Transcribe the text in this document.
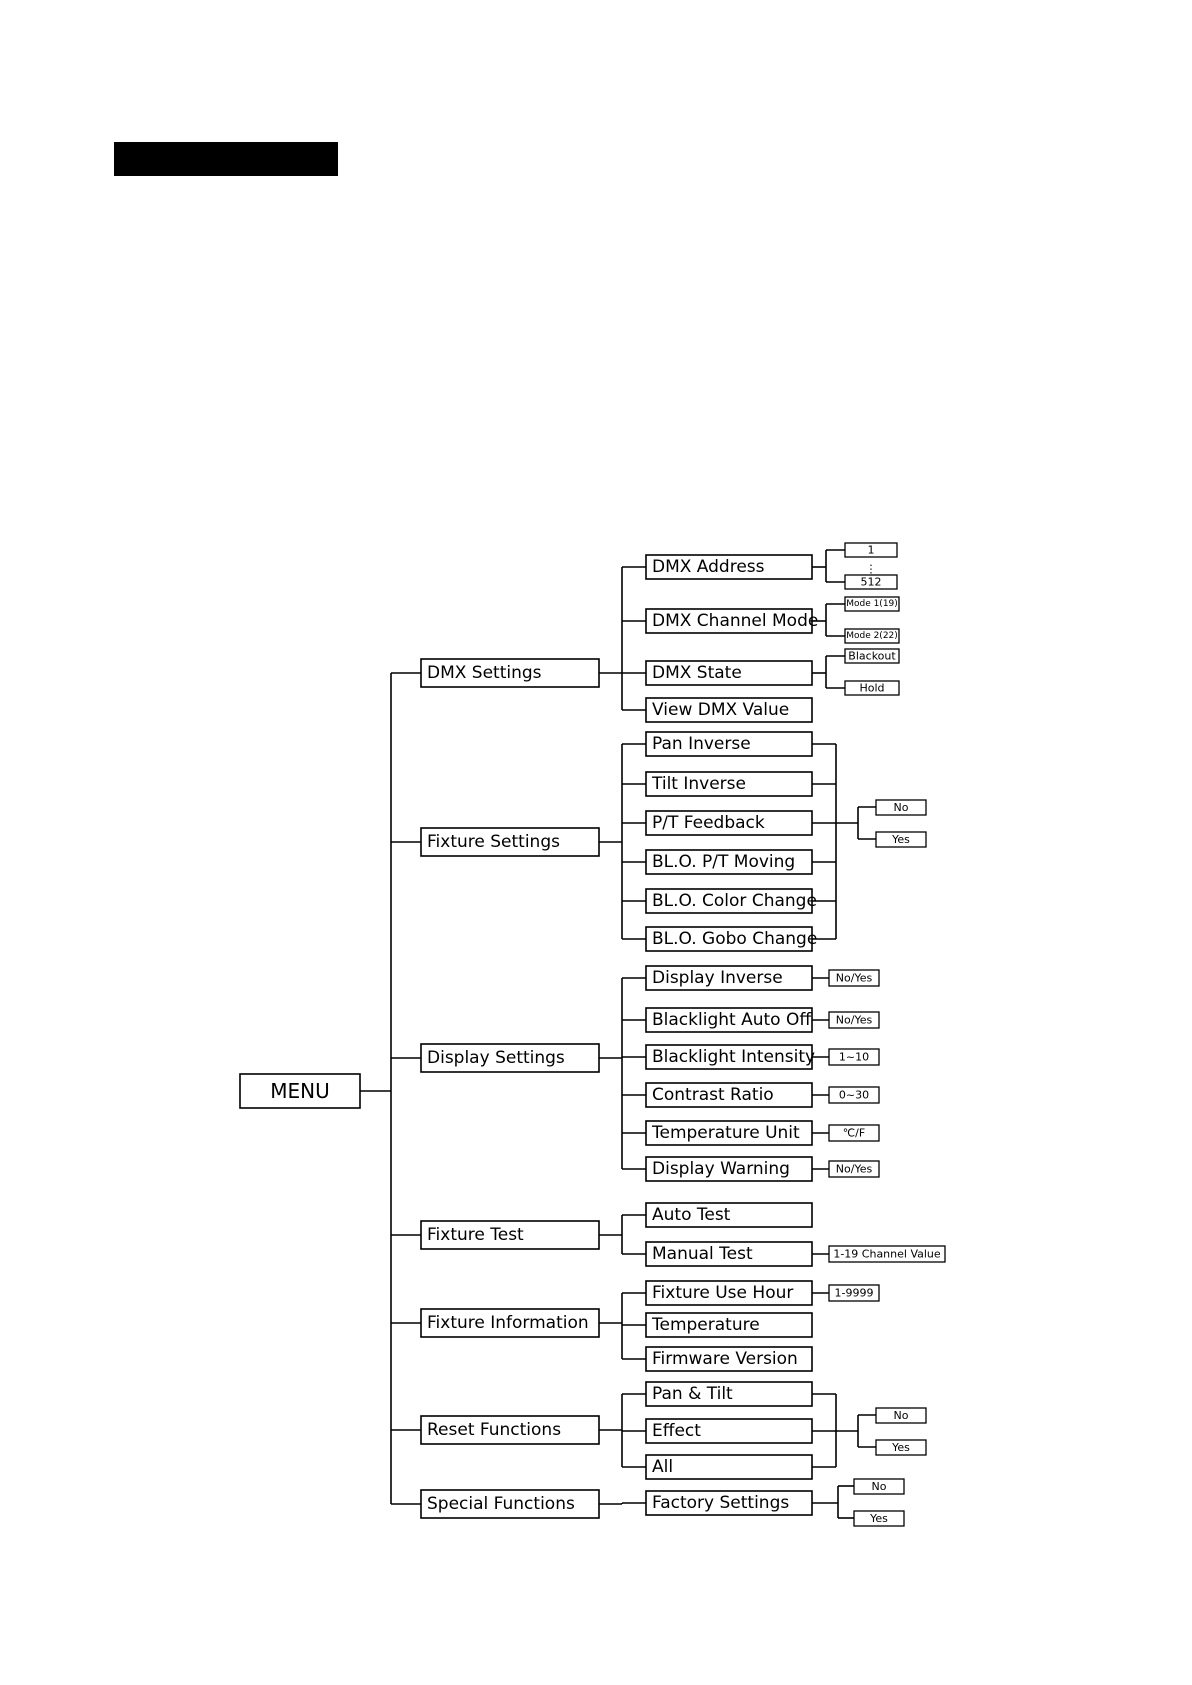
MENU
DMX Settings
DMX Address
1
512
⋮
DMX Channel Mode
Mode 1(19)
Mode 2(22)
DMX State
Blackout
Hold
View DMX Value
Fixture Settings
Pan Inverse
Tilt Inverse
P/T Feedback
BL.O. P/T Moving
BL.O. Color Change
BL.O. Gobo Change
No
Yes
Display Settings
Display Inverse	No/Yes
Blacklight Auto Off No/Yes
Blacklight Intensity 1~10
Contrast Ratio	0~30
Temperature Unit	℃/F
Display Warning	No/Yes
Fixture Test
Auto Test
Manual Test	1-19 Channel Value
Fixture Information
Fixture Use Hour	1-9999
Temperature
Firmware Version
Reset Functions
Pan & Tilt
Effect
All
No
Yes
Special Functions	Factory Settings
No
Yes
